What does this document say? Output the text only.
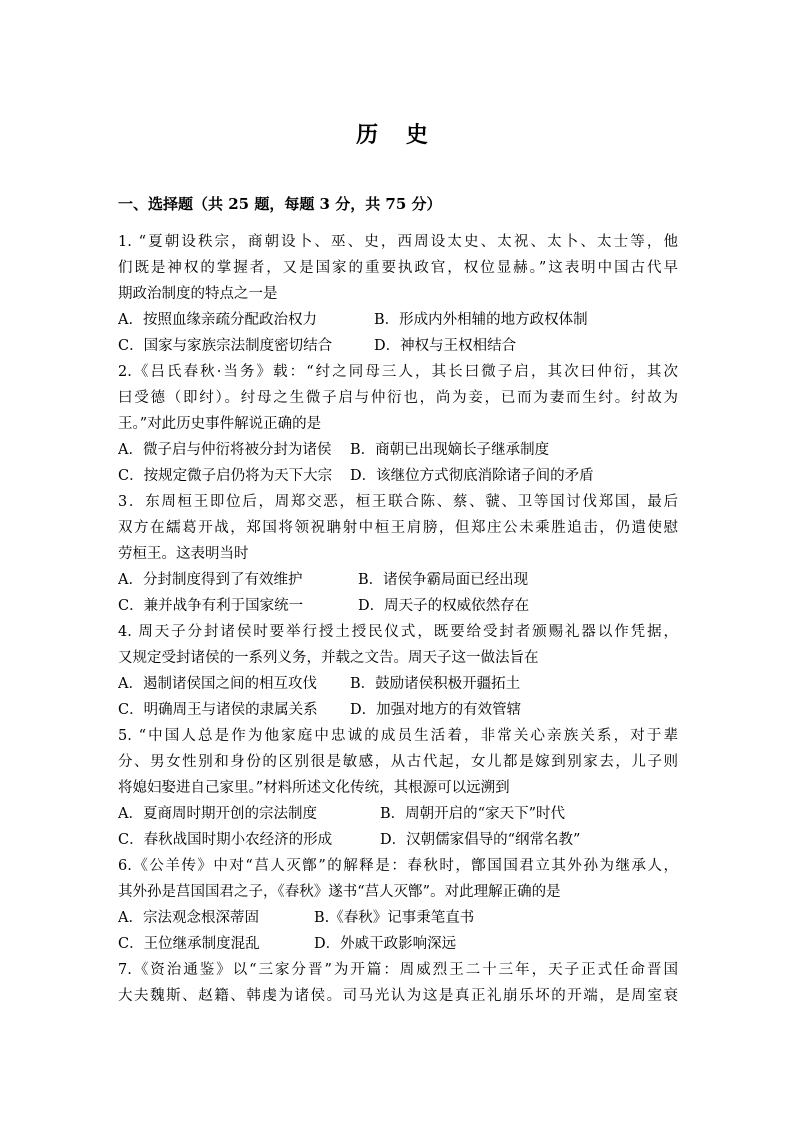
历 史
一、选择题（共 25 题，每题 3 分，共 75 分）
1. “夏朝设秩宗，商朝设卜、巫、史，西周设太史、太祝、太卜、太士等，他
们既是神权的掌握者，又是国家的重要执政官，权位显赫。”这表明中国古代早
期政治制度的特点之一是
A．按照血缘亲疏分配政治权力	B．形成内外相辅的地方政权体制
C．国家与家族宗法制度密切结合	D．神权与王权相结合
2.《吕氏春秋·当务》载：“纣之同母三人，其长曰微子启，其次曰仲衍，其次
曰受德（即纣）。纣母之生微子启与仲衍也，尚为妾，已而为妻而生纣。纣故为
王。”对此历史事件解说正确的是
A．微子启与仲衍将被分封为诸侯 B．商朝已出现嫡长子继承制度
C．按规定微子启仍将为天下大宗 D．该继位方式彻底消除诸子间的矛盾
3．东周桓王即位后，周郑交恶，桓王联合陈、蔡、虢、卫等国讨伐郑国，最后
双方在繻葛开战，郑国将领祝聃射中桓王肩膀，但郑庄公未乘胜追击，仍遣使慰
劳桓王。这表明当时
A．分封制度得到了有效维护	B．诸侯争霸局面已经出现
C．兼并战争有利于国家统一	D．周天子的权威依然存在
4. 周天子分封诸侯时要举行授土授民仪式，既要给受封者颁赐礼器以作凭据，
又规定受封诸侯的一系列义务，并载之文告。周天子这一做法旨在
A．遏制诸侯国之间的相互攻伐 B．鼓励诸侯积极开疆拓土
C．明确周王与诸侯的隶属关系 D．加强对地方的有效管辖
5. “中国人总是作为他家庭中忠诚的成员生活着，非常关心亲族关系，对于辈
分、男女性别和身份的区别很是敏感，从古代起，女儿都是嫁到别家去，儿子则
将媳妇娶进自己家里。”材料所述文化传统，其根源可以远溯到
A．夏商周时期开创的宗法制度	B．周朝开启的“家天下”时代
C．春秋战国时期小农经济的形成	D．汉朝儒家倡导的“纲常名教”
6.《公羊传》中对“莒人灭鄫”的解释是：春秋时，鄫国国君立其外孙为继承人，
其外孙是莒国国君之子，《春秋》遂书“莒人灭鄫”。对此理解正确的是
A．宗法观念根深蒂固	B.《春秋》记事秉笔直书
C．王位继承制度混乱	D．外戚干政影响深远
7.《资治通鉴》以“三家分晋”为开篇：周威烈王二十三年，天子正式任命晋国
大夫魏斯、赵籍、韩虔为诸侯。司马光认为这是真正礼崩乐坏的开端，是周室衰
